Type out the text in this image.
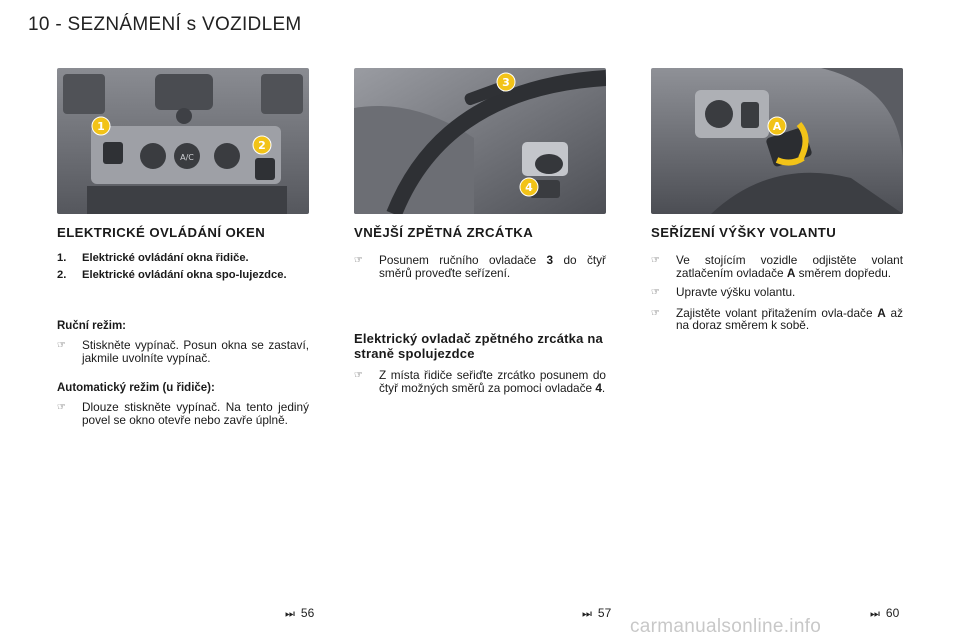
10 - SEZNÁMENÍ s VOZIDLEM
A/C
1
2
ELEKTRICKÉ OVLÁDÁNÍ OKEN
1.	Elektrické ovládání okna řidiče.
2.	Elektrické ovládání okna spo-lujezdce.
Ruční režim:
☞	Stiskněte vypínač. Posun okna se zastaví, jakmile uvolníte vypínač.
Automatický režim (u řidiče):
☞	Dlouze stiskněte vypínač. Na tento jediný povel se okno otevře nebo zavře úplně.
3
4
VNĚJŠÍ ZPĚTNÁ ZRCÁTKA
☞	Posunem ručního ovladače 3 do čtyř směrů proveďte seřízení.
Elektrický ovladač zpětného zrcátka na straně spolujezdce
☞	Z místa řidiče seřiďte zrcátko posunem do čtyř možných směrů za pomoci ovladače 4.
A
SEŘÍZENÍ VÝŠKY VOLANTU
☞	Ve stojícím vozidle odjistěte volant zatlačením ovladače A směrem dopředu.
☞	Upravte výšku volantu.
☞	Zajistěte volant přitažením ovla-dače A až na doraz směrem k sobě.
⏭ 56	⏭ 57	⏭ 60
carmanualsonline.info
